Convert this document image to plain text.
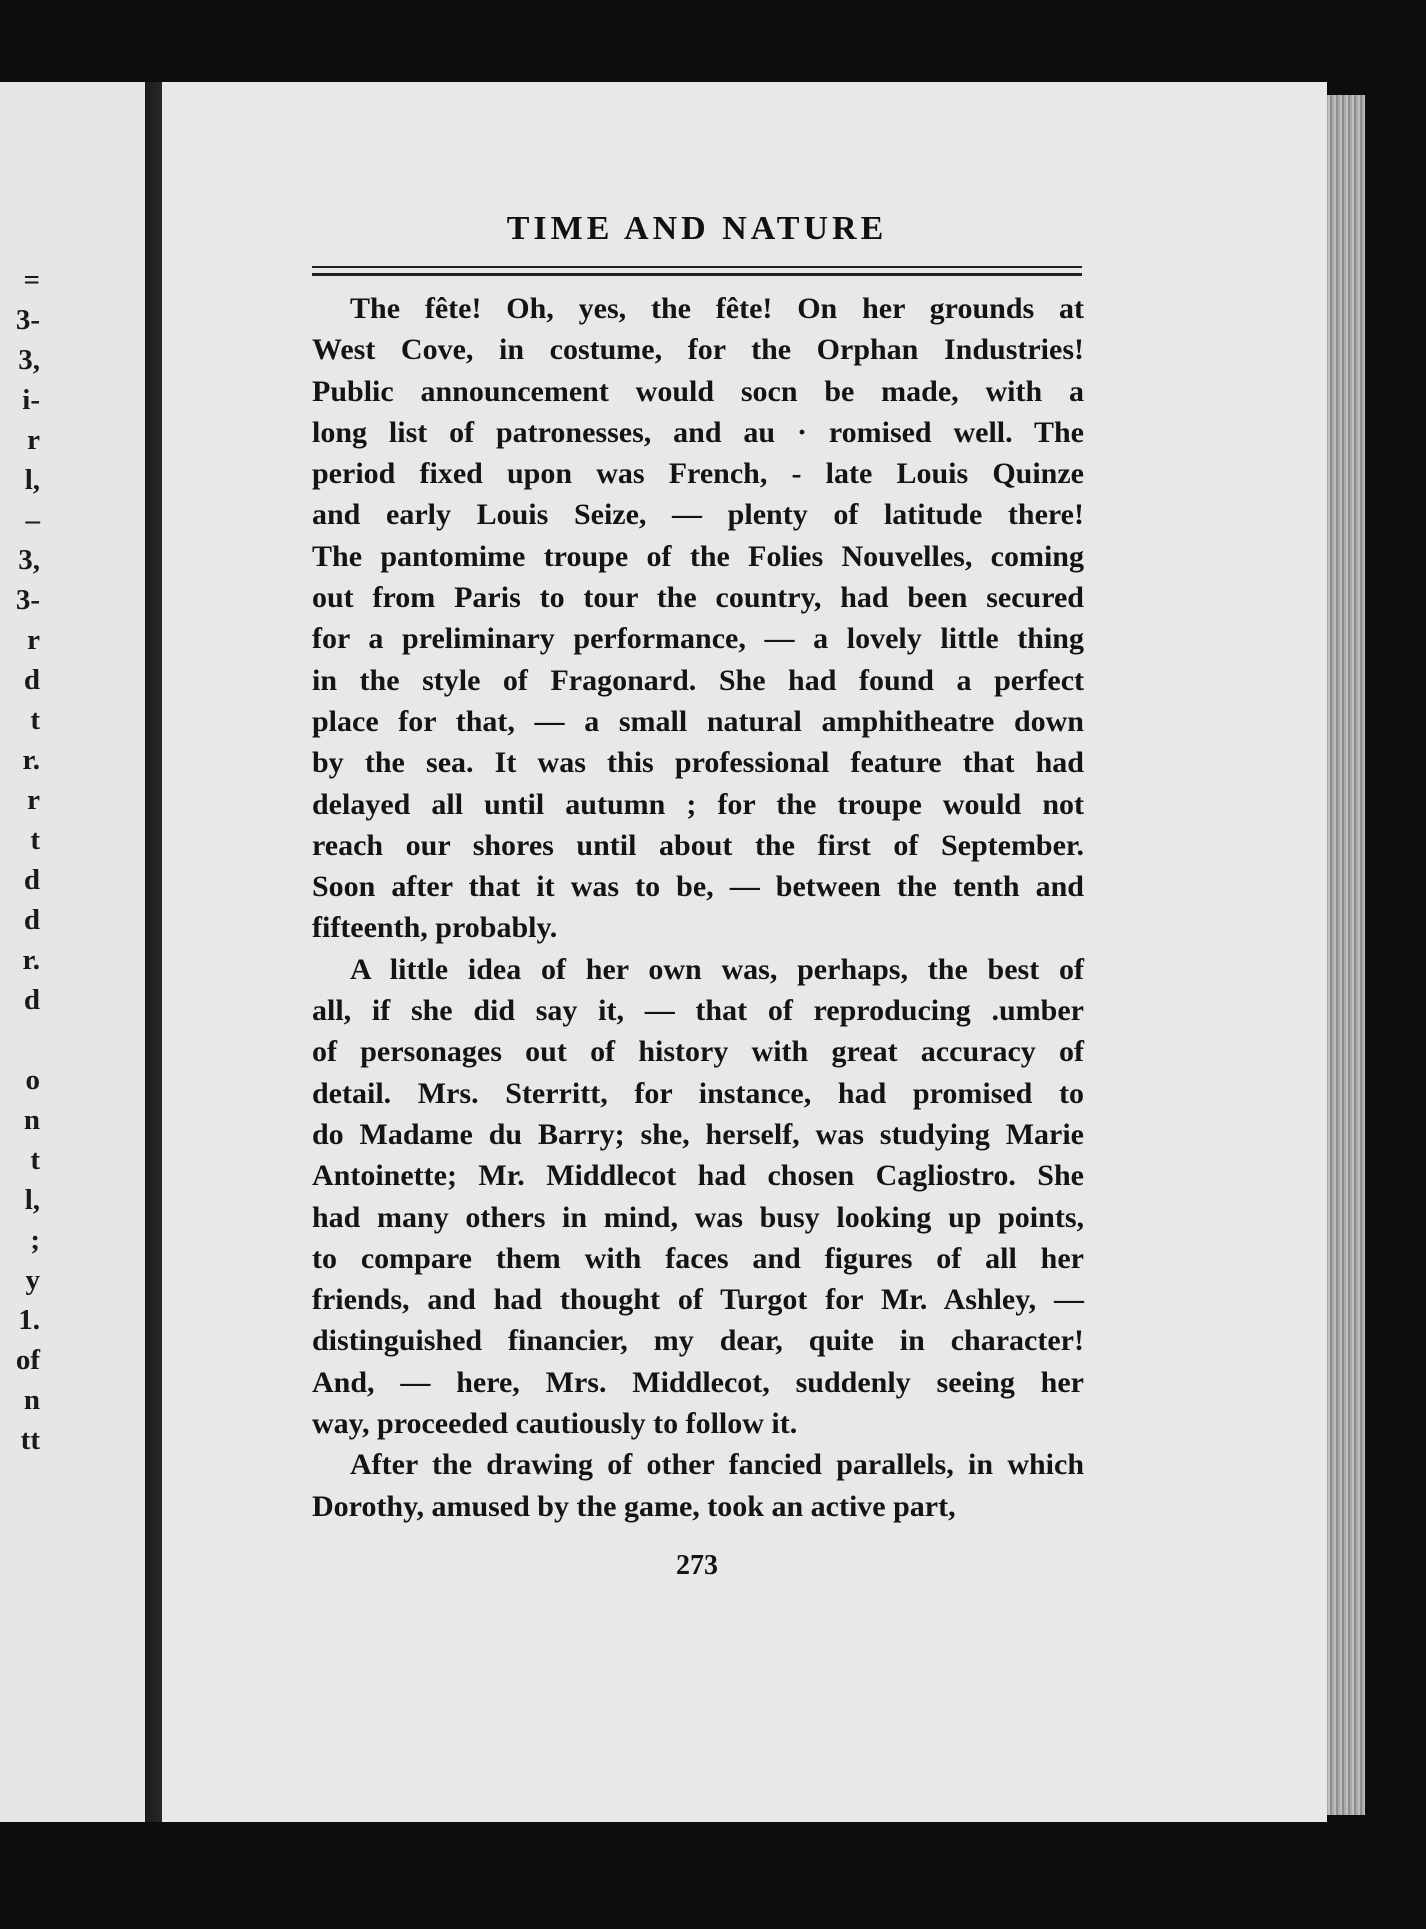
=
3-
3,
i-
r
l,
–
3,
3-
r
d
t
r.
r
t
d
d
r.
d
o
n
t
l,
;
y
1.
of
n
tt
TIME AND NATURE
The fête! Oh, yes, the fête! On her grounds at
West Cove, in costume, for the Orphan Industries!
Public announcement would socn be made, with a
long list of patronesses, and au · romised well. The
period fixed upon was French, - late Louis Quinze
and early Louis Seize, — plenty of latitude there!
The pantomime troupe of the Folies Nouvelles, coming
out from Paris to tour the country, had been secured
for a preliminary performance, — a lovely little thing
in the style of Fragonard. She had found a perfect
place for that, — a small natural amphitheatre down
by the sea. It was this professional feature that had
delayed all until autumn ; for the troupe would not
reach our shores until about the first of September.
Soon after that it was to be, — between the tenth and
fifteenth, probably.
A little idea of her own was, perhaps, the best of
all, if she did say it, — that of reproducing .umber
of personages out of history with great accuracy of
detail. Mrs. Sterritt, for instance, had promised to
do Madame du Barry; she, herself, was studying Marie
Antoinette; Mr. Middlecot had chosen Cagliostro. She
had many others in mind, was busy looking up points,
to compare them with faces and figures of all her
friends, and had thought of Turgot for Mr. Ashley, —
distinguished financier, my dear, quite in character!
And, — here, Mrs. Middlecot, suddenly seeing her
way, proceeded cautiously to follow it.
After the drawing of other fancied parallels, in which
Dorothy, amused by the game, took an active part,
273
